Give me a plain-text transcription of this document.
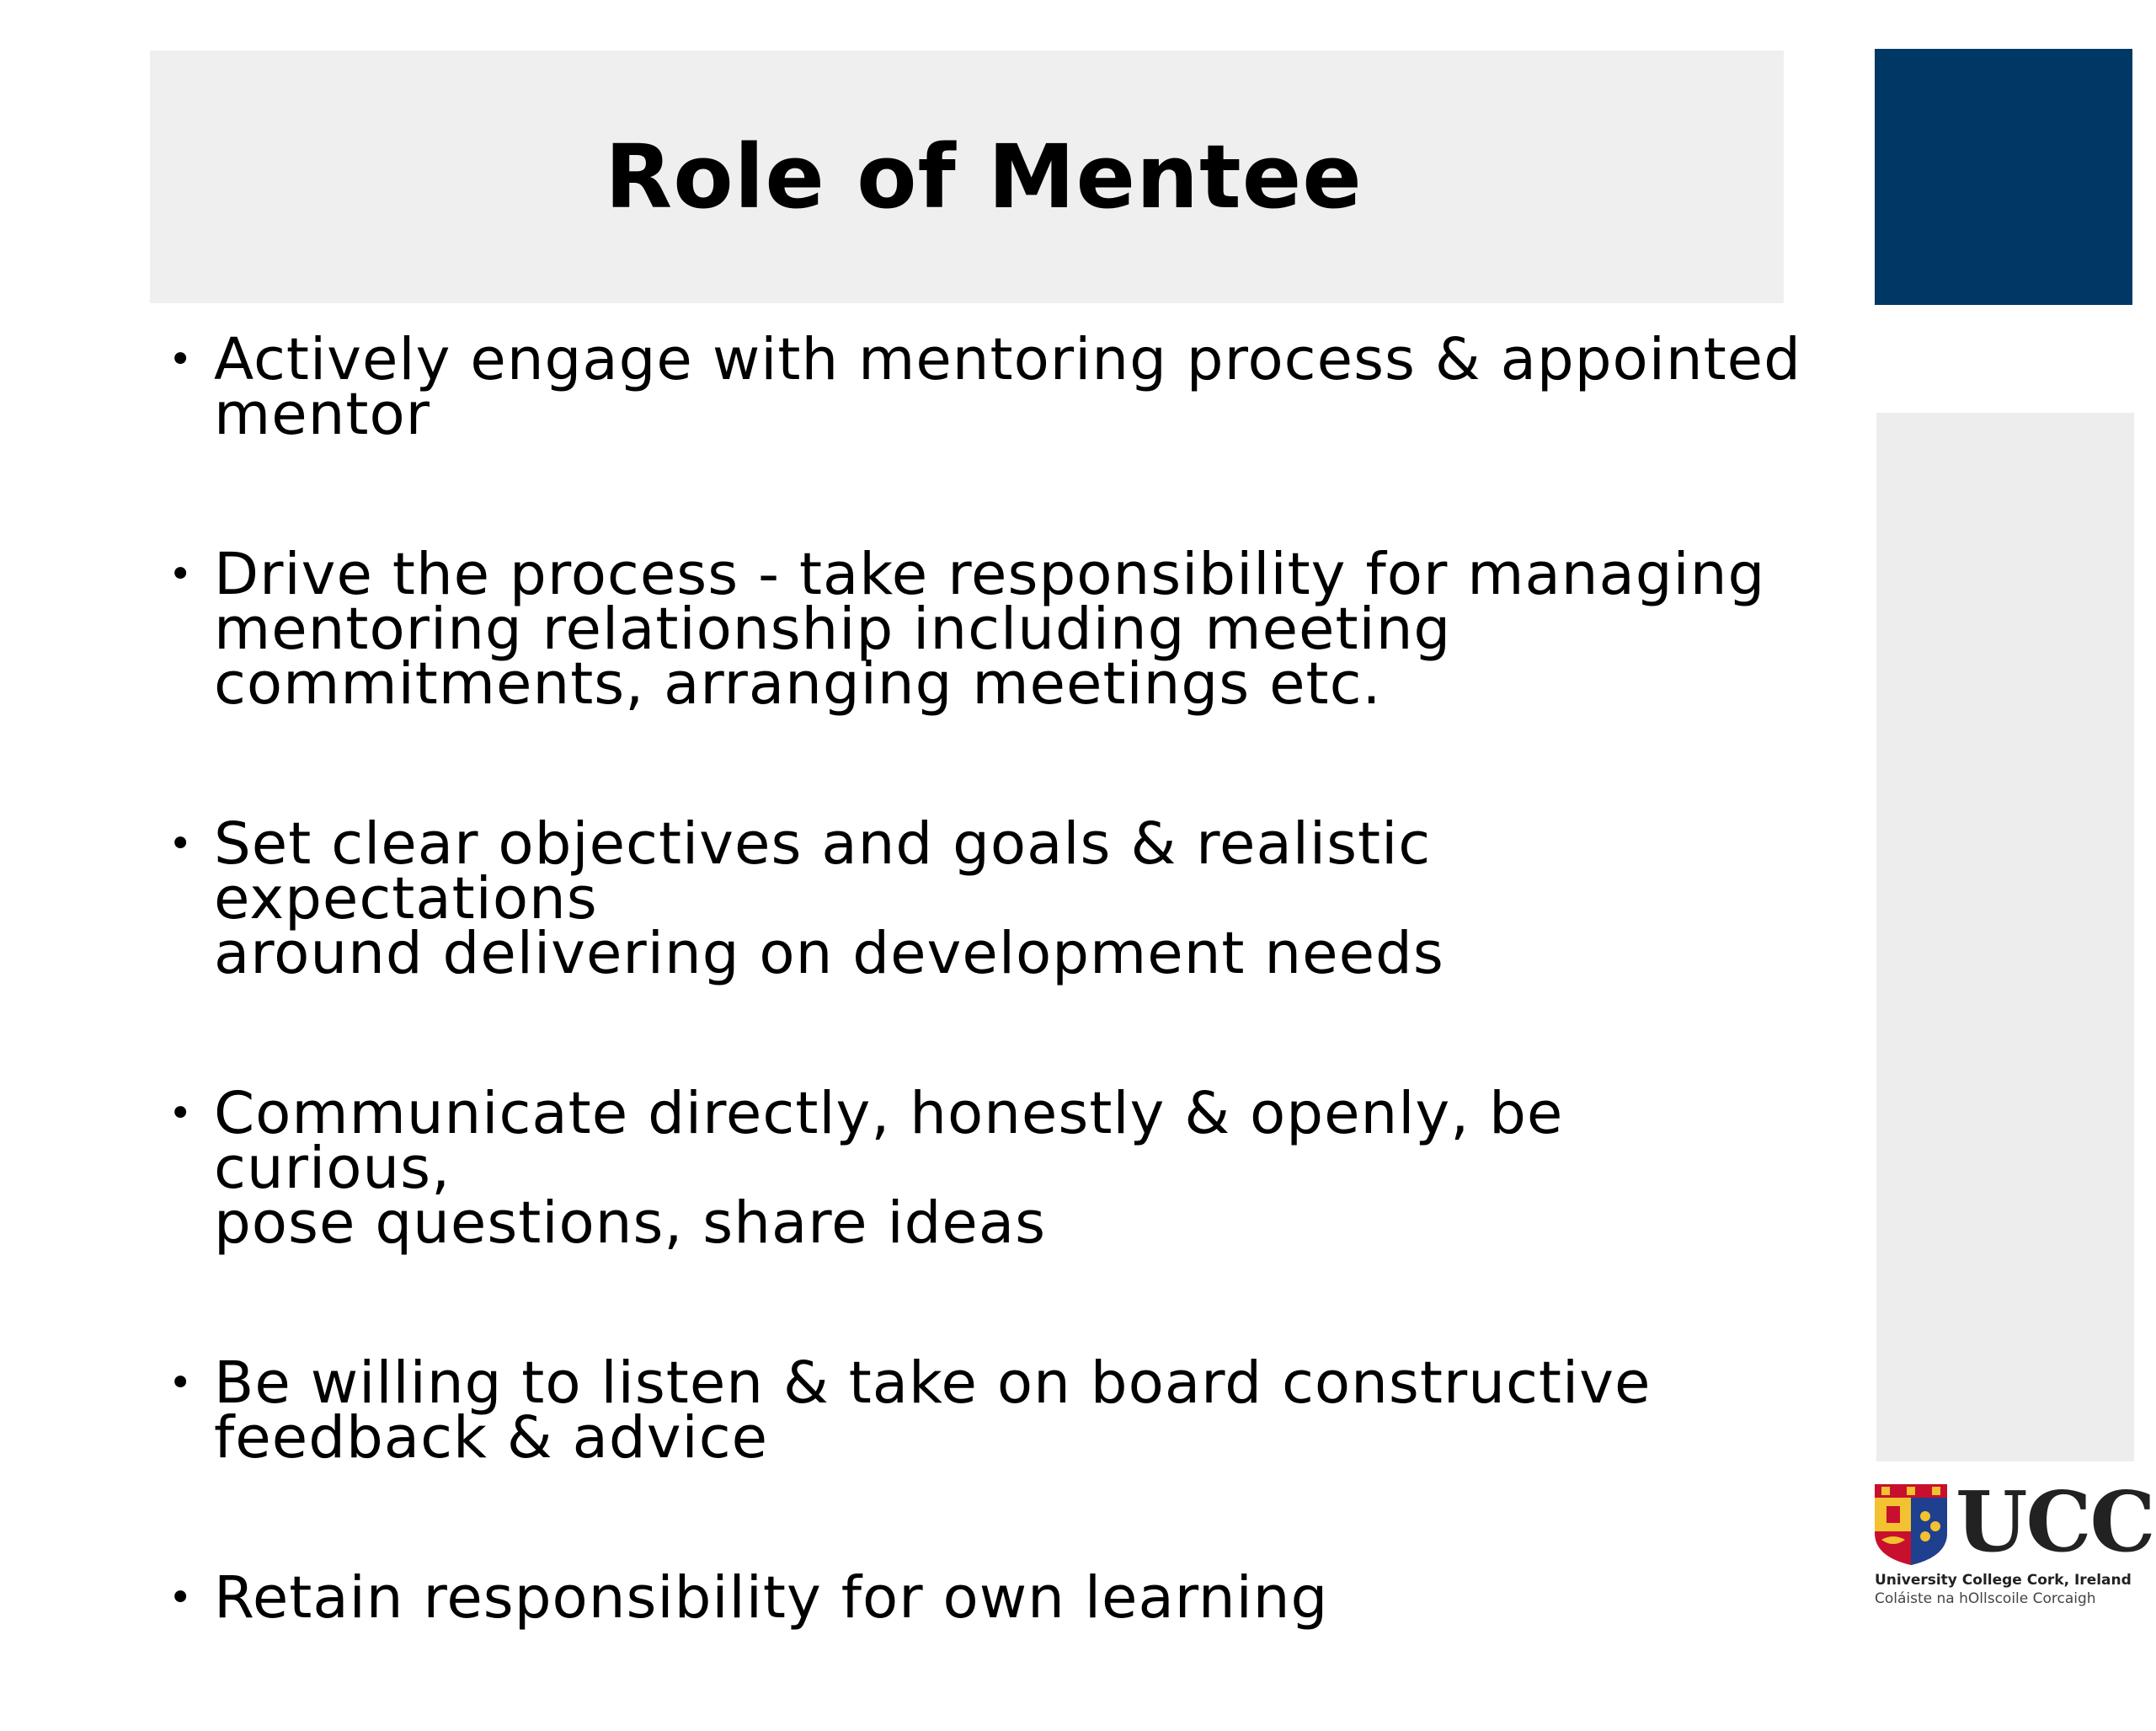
Role of Mentee
• Actively engage with mentoring process & appointed
mentor
• Drive the process - take responsibility for managing
mentoring relationship including meeting
commitments, arranging meetings etc.
• Set clear objectives and goals & realistic expectations
around delivering on development needs
• Communicate directly, honestly & openly, be curious,
pose questions, share ideas
• Be willing to listen & take on board constructive
feedback & advice
• Retain responsibility for own learning
UCC
University College Cork, Ireland
Coláiste na hOllscoile Corcaigh
